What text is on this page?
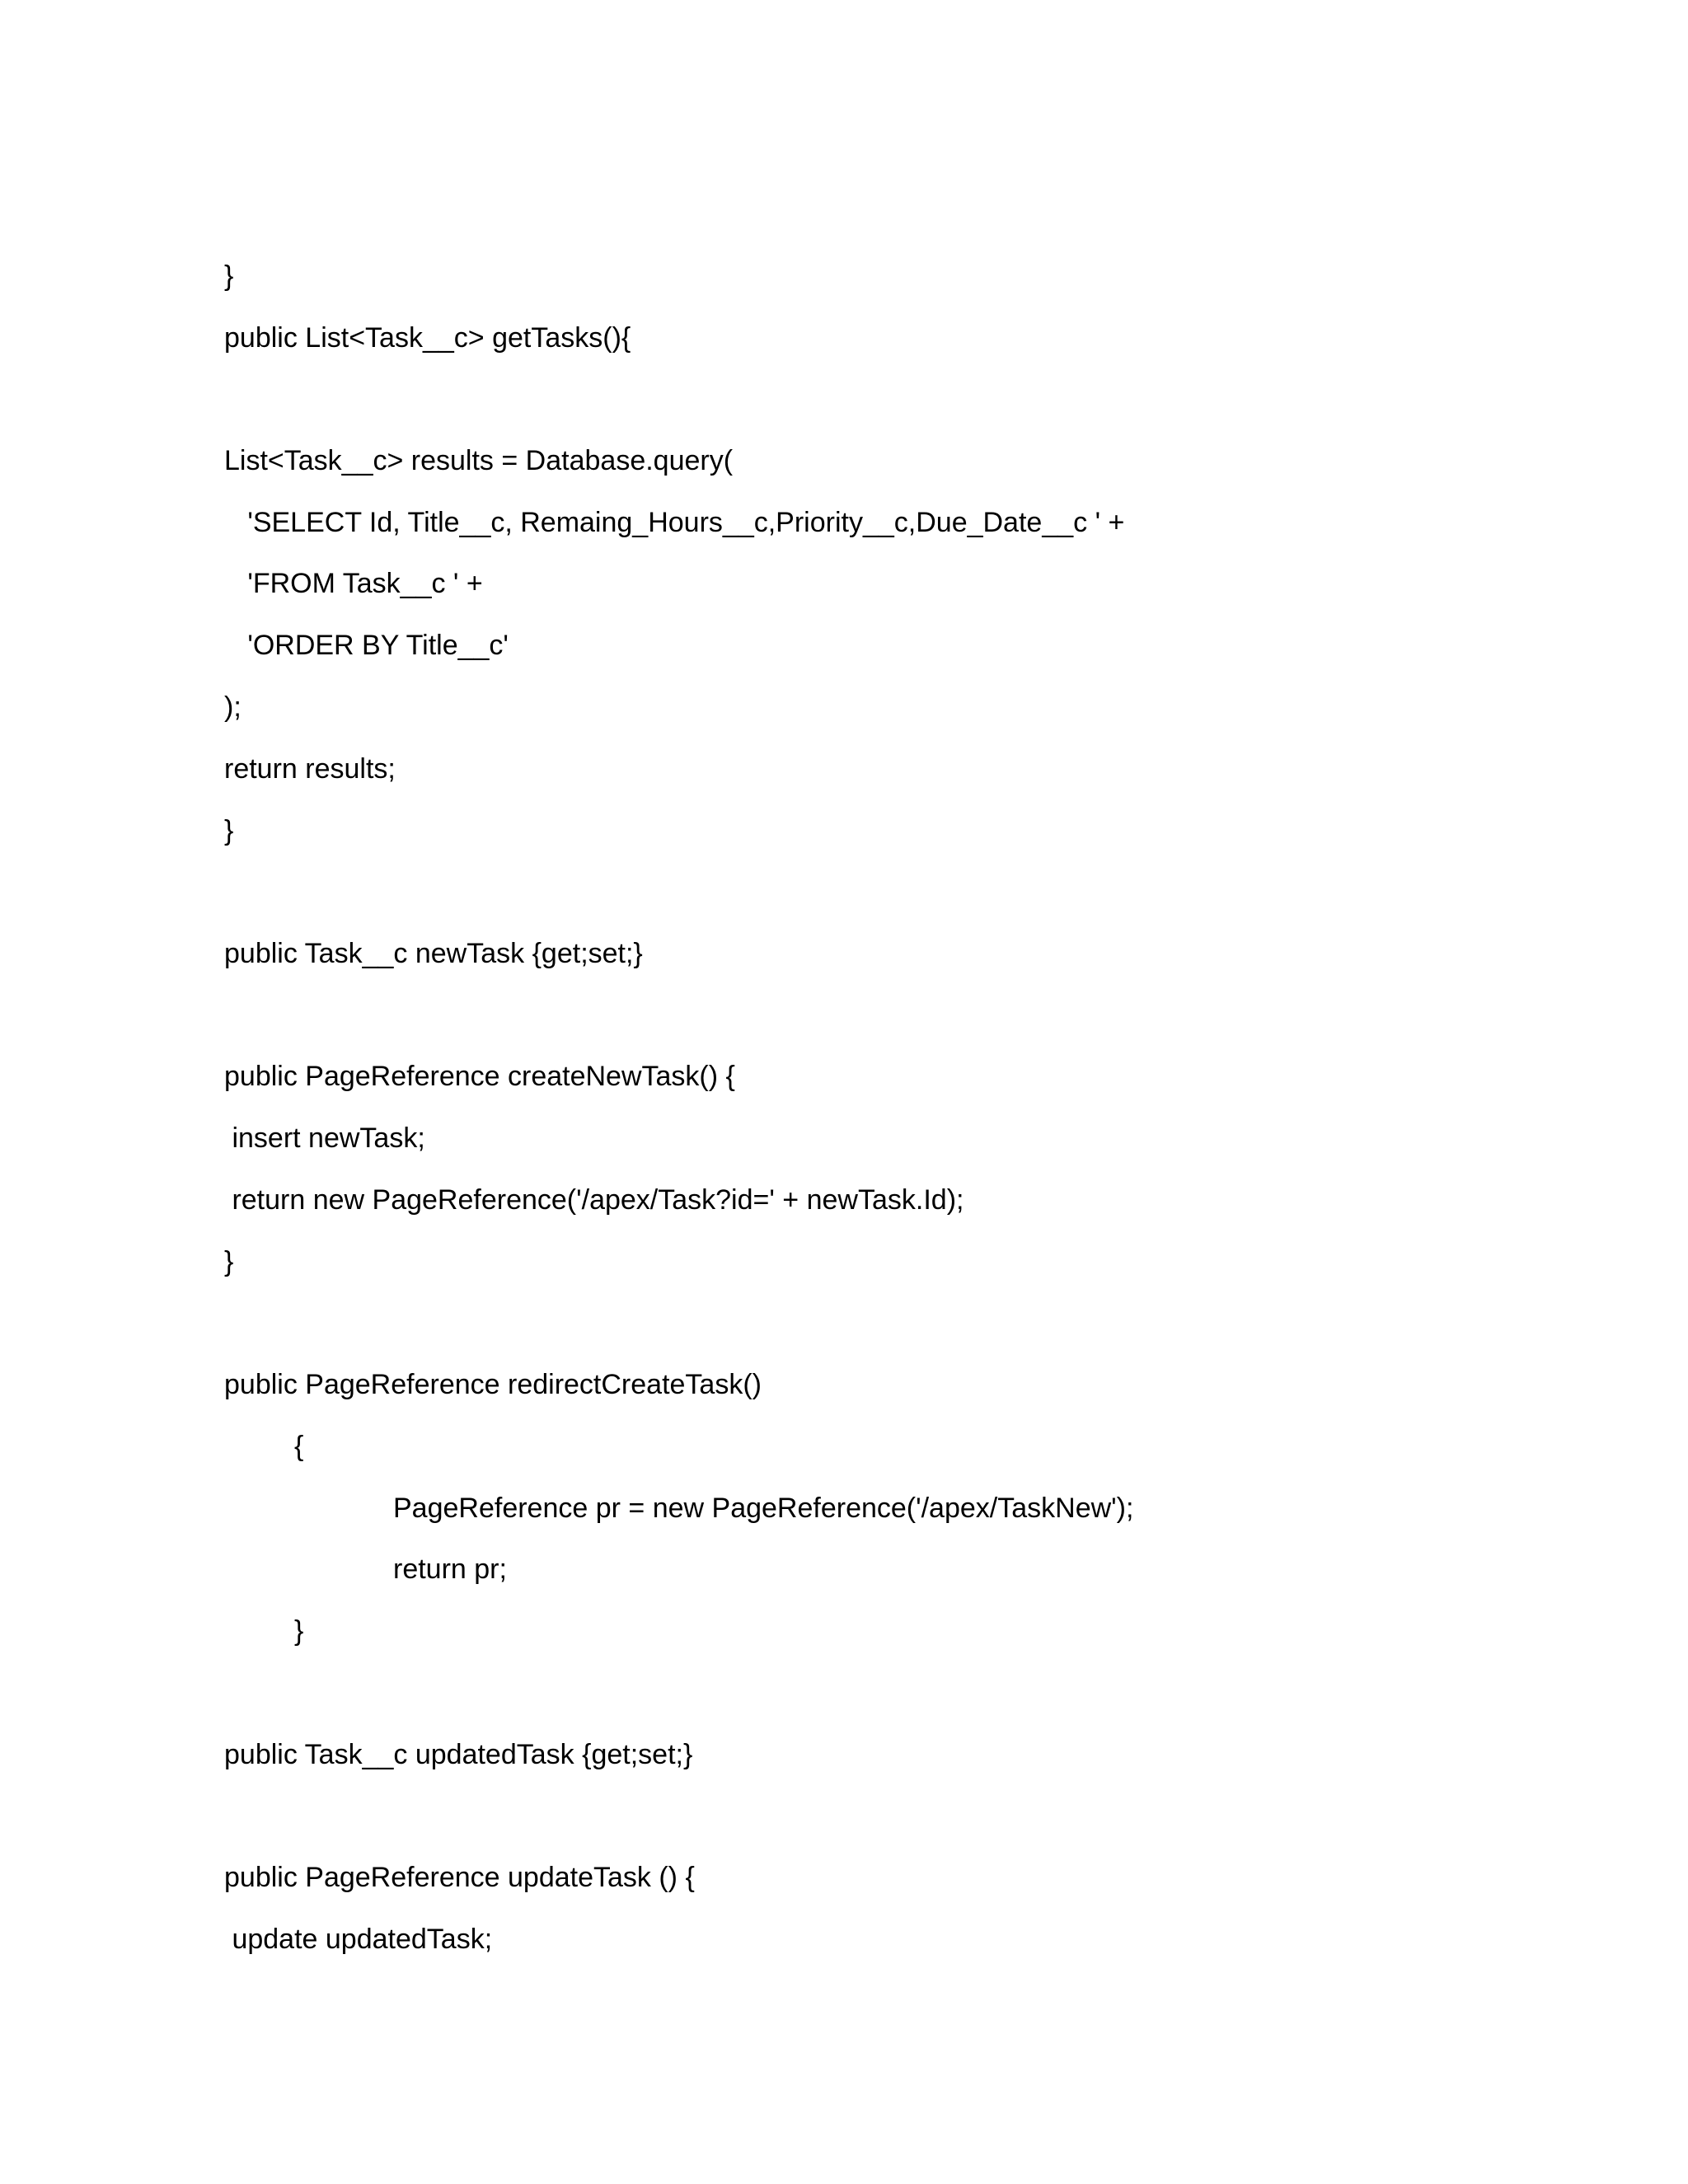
}
public List<Task__c> getTasks(){
List<Task__c> results = Database.query(
'SELECT Id, Title__c, Remaing_Hours__c,Priority__c,Due_Date__c ' +
'FROM Task__c ' +
'ORDER BY Title__c'
);
return results;
}
public Task__c newTask {get;set;}
public PageReference createNewTask() {
insert newTask;
return new PageReference('/apex/Task?id=' + newTask.Id);
}
public PageReference redirectCreateTask()
{
PageReference pr = new PageReference('/apex/TaskNew');
return pr;
}
public Task__c updatedTask {get;set;}
public PageReference updateTask () {
update updatedTask;
